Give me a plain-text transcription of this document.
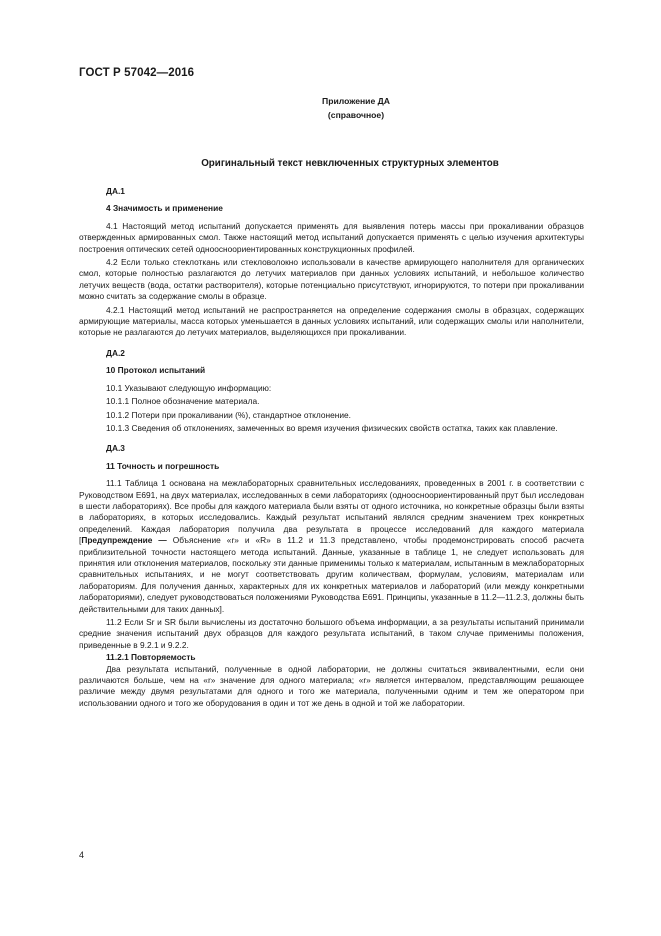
ГОСТ Р 57042—2016
Приложение ДА
(справочное)
Оригинальный текст невключенных структурных элементов

ДА.1

4 Значимость и применение

4.1 Настоящий метод испытаний допускается применять для выявления потерь массы при прокаливании образцов отвержденных армированных смол. Также настоящий метод испытаний допускается применять с целью изучения архитектуры построения оптических сетей однооснoориентированных конструкционных профилей.

4.2 Если только стеклоткань или стекловолокно использовали в качестве армирующего наполнителя для органических смол, которые полностью разлагаются до летучих материалов при данных условиях испытаний, и небольшое количество летучих веществ (вода, остатки растворителя), которые потенциально присутствуют, игнорируются, то потери при прокаливании можно считать за содержание смолы в образце.

4.2.1 Настоящий метод испытаний не распространяется на определение содержания смолы в образцах, содержащих армирующие материалы, масса которых уменьшается в данных условиях испытаний, или содержащих смолы или наполнители, которые не разлагаются до летучих материалов, выделяющихся при прокаливании.

ДА.2

10 Протокол испытаний

10.1 Указывают следующую информацию:

10.1.1 Полное обозначение материала.

10.1.2 Потери при прокаливании (%), стандартное отклонение.

10.1.3 Сведения об отклонениях, замеченных во время изучения физических свойств остатка, таких как плавление.

ДА.3

11 Точность и погрешность

11.1 Таблица 1 основана на межлабораторных сравнительных исследованиях, проведенных в 2001 г. в соответствии с Руководством Е691, на двух материалах, исследованных в семи лабораториях (однооснoориентированный прут был исследован в шести лабораториях). Все пробы для каждого материала были взяты от одного источника, но конкретные образцы были взяты в лабораториях, в которых исследовались. Каждый результат испытаний являлся средним значением трех конкретных определений. Каждая лаборатория получила два результата в процессе исследований для каждого материала [Предупреждение — Объяснение «r» и «R» в 11.2 и 11.3 представлено, чтобы продемонстрировать способ расчета приблизительной точности настоящего метода испытаний. Данные, указанные в таблице 1, не следует использовать для принятия или отклонения материалов, поскольку эти данные применимы только к материалам, испытанным в межлабораторных сравнительных испытаниях, и не могут соответствовать другим количествам, формулам, условиям, материалам или лабораториям. Для получения данных, характерных для их конкретных материалов и лабораторий (или между конкретными лабораториями), следует руководствоваться положениями Руководства Е691. Принципы, указанные в 11.2—11.2.3, должны быть действительными для таких данных].

11.2 Если Sr и SR были вычислены из достаточно большого объема информации, а за результаты испытаний принимали средние значения испытаний двух образцов для каждого результата испытаний, в таком случае применимы положения, приведенные в 9.2.1 и 9.2.2.

11.2.1 Повторяемость

Два результата испытаний, полученные в одной лаборатории, не должны считаться эквивалентными, если они различаются больше, чем на «r» значение для одного материала; «r» является интервалом, представляющим решающее различие между двумя результатами для одного и того же материала, полученными одним и тем же оператором при использовании одного и того же оборудования в один и тот же день в одной и той же лаборатории.

4
